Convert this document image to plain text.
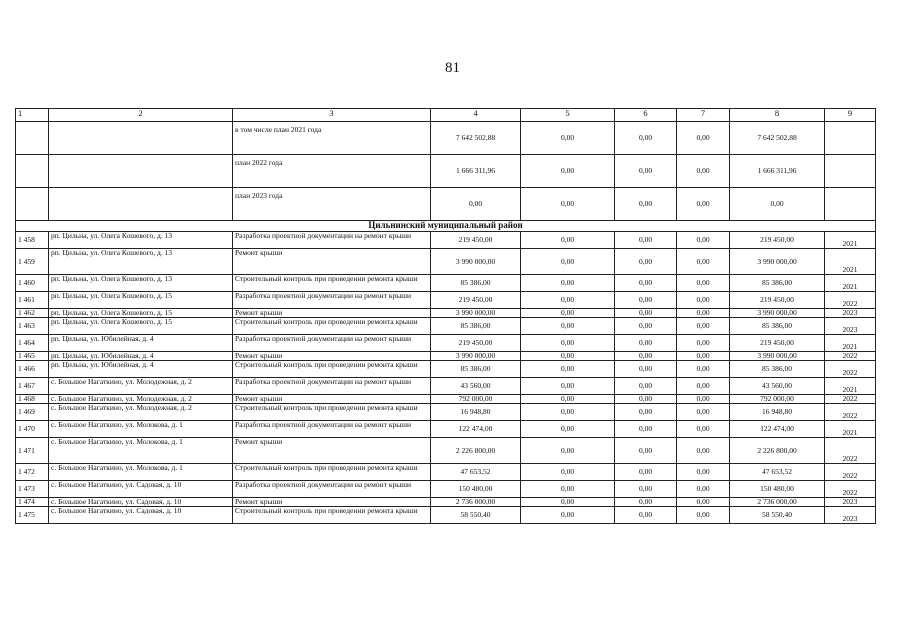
81
1	2	3	4	5	6	7	8	9
		в том числе план 2021 года	7 642 502,88	0,00	0,00	0,00	7 642 502,88	
		план 2022 года	1 666 311,96	0,00	0,00	0,00	1 666 311,96	
		план 2023 года	0,00	0,00	0,00	0,00	0,00	
Цильнинский муниципальный район								
1 458	рп. Цильна, ул. Олега Кошевого, д. 13	Разработка проектной документации на ремонт крыши	219 450,00	0,00	0,00	0,00	219 450,00	2021
1 459	рп. Цильна, ул. Олега Кошевого, д. 13	Ремонт крыши	3 990 000,00	0,00	0,00	0,00	3 990 000,00	2021
1 460	рп. Цильна, ул. Олега Кошевого, д. 13	Строительный контроль при проведении ремонта крыши	85 386,00	0,00	0,00	0,00	85 386,00	2021
1 461	рп. Цильна, ул. Олега Кошевого, д. 15	Разработка проектной документации на ремонт крыши	219 450,00	0,00	0,00	0,00	219 450,00	2022
1 462	рп. Цильна, ул. Олега Кошевого, д. 15	Ремонт крыши	3 990 000,00	0,00	0,00	0,00	3 990 000,00	2023
1 463	рп. Цильна, ул. Олега Кошевого, д. 15	Строительный контроль при проведении ремонта крыши	85 386,00	0,00	0,00	0,00	85 386,00	2023
1 464	рп. Цильна, ул. Юбилейная, д. 4	Разработка проектной документации на ремонт крыши	219 450,00	0,00	0,00	0,00	219 450,00	2021
1 465	рп. Цильна, ул. Юбилейная, д. 4	Ремонт крыши	3 990 000,00	0,00	0,00	0,00	3 990 000,00	2022
1 466	рп. Цильна, ул. Юбилейная, д. 4	Строительный контроль при проведении ремонта крыши	85 386,00	0,00	0,00	0,00	85 386,00	2022
1 467	с. Большое Нагаткино, ул. Молодежная, д. 2	Разработка проектной документации на ремонт крыши	43 560,00	0,00	0,00	0,00	43 560,00	2021
1 468	с. Большое Нагаткино, ул. Молодежная, д. 2	Ремонт крыши	792 000,00	0,00	0,00	0,00	792 000,00	2022
1 469	с. Большое Нагаткино, ул. Молодежная, д. 2	Строительный контроль при проведении ремонта крыши	16 948,80	0,00	0,00	0,00	16 948,80	2022
1 470	с. Большое Нагаткино, ул. Молокова, д. 1	Разработка проектной документации на ремонт крыши	122 474,00	0,00	0,00	0,00	122 474,00	2021
1 471	с. Большое Нагаткино, ул. Молокова, д. 1	Ремонт крыши	2 226 800,00	0,00	0,00	0,00	2 226 800,00	2022
1 472	с. Большое Нагаткино, ул. Молокова, д. 1	Строительный контроль при проведении ремонта крыши	47 653,52	0,00	0,00	0,00	47 653,52	2022
1 473	с. Большое Нагаткино, ул. Садовая, д. 10	Разработка проектной документации на ремонт крыши	150 480,00	0,00	0,00	0,00	150 480,00	2022
1 474	с. Большое Нагаткино, ул. Садовая, д. 10	Ремонт крыши	2 736 000,00	0,00	0,00	0,00	2 736 000,00	2023
1 475	с. Большое Нагаткино, ул. Садовая, д. 10	Строительный контроль при проведении ремонта крыши	58 550,40	0,00	0,00	0,00	58 550,40	2023
